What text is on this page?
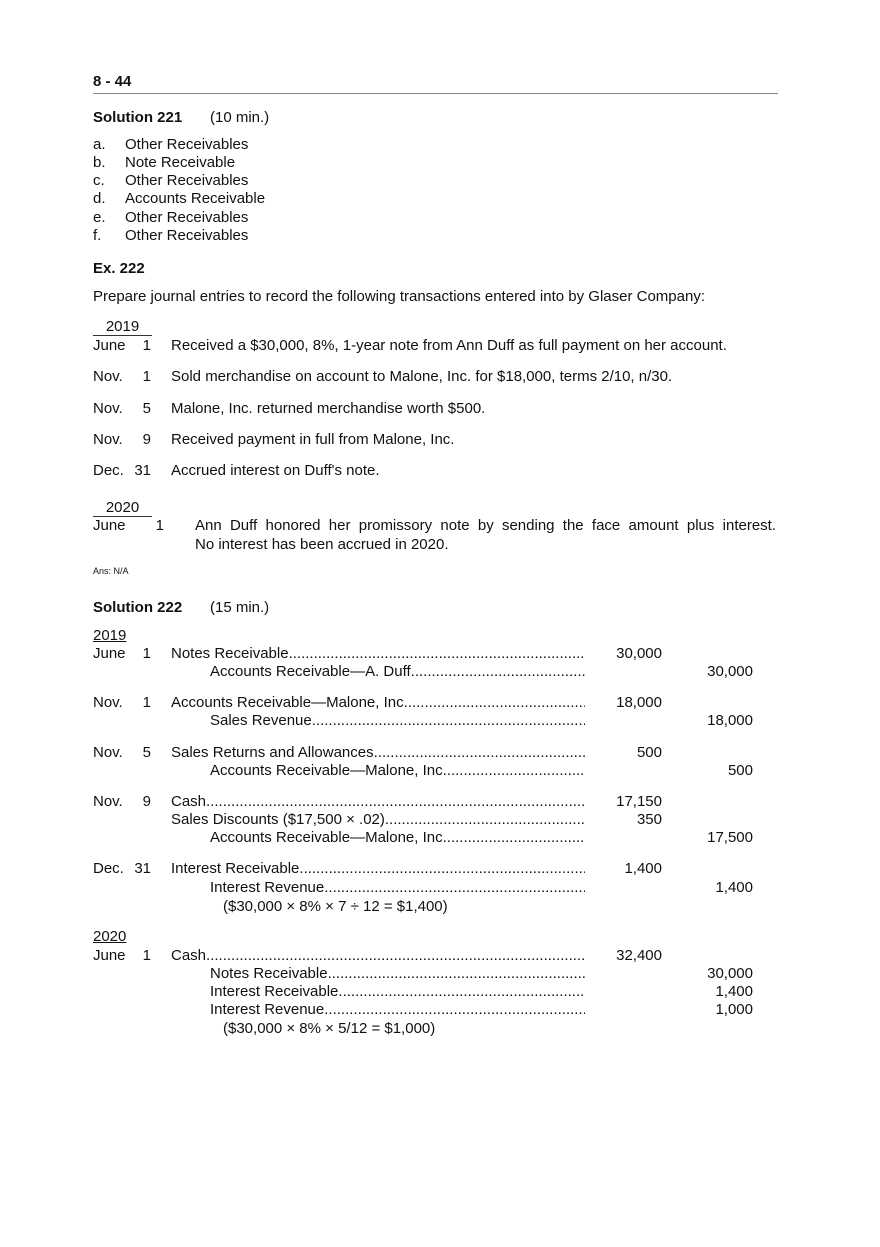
8 - 44
Solution 221 (10 min.)
a. Other Receivables
b. Note Receivable
c. Other Receivables
d. Accounts Receivable
e. Other Receivables
f. Other Receivables
Ex. 222
Prepare journal entries to record the following transactions entered into by Glaser Company:
2019
June	1 Received a $30,000, 8%, 1-year note from Ann Duff as full payment on her account.
Nov.	1 Sold merchandise on account to Malone, Inc. for $18,000, terms 2/10, n/30.
Nov.	5 Malone, Inc. returned merchandise worth $500.
Nov.	9 Received payment in full from Malone, Inc.
Dec. 31 Accrued interest on Duff's note.
2020
June	1 Ann Duff honored her promissory note by sending the face amount plus interest.
No interest has been accrued in 2020.
Ans: N/A
Solution 222 (15 min.)
2019
2020
June	1 Notes Receivable .....	30,000
Accounts Receivable—A. Duff .....	30,000
Nov.	1 Accounts Receivable—Malone, Inc .....	18,000
Sales Revenue .....	18,000
Nov.	5 Sales Returns and Allowances .....	500
Accounts Receivable—Malone, Inc .....	500
Nov.	9 Cash .....	17,150
Sales Discounts ($17,500 × .02) .....	350
Accounts Receivable—Malone, Inc .....	17,500
Dec. 31 Interest Receivable .....	1,400
Interest Revenue .....	1,400
($30,000 × 8% × 7 ÷ 12 = $1,400)
June	1 Cash .....	32,400
Notes Receivable .....	30,000
Interest Receivable .....	1,400
Interest Revenue .....	1,000
($30,000 × 8% × 5/12 = $1,000)
